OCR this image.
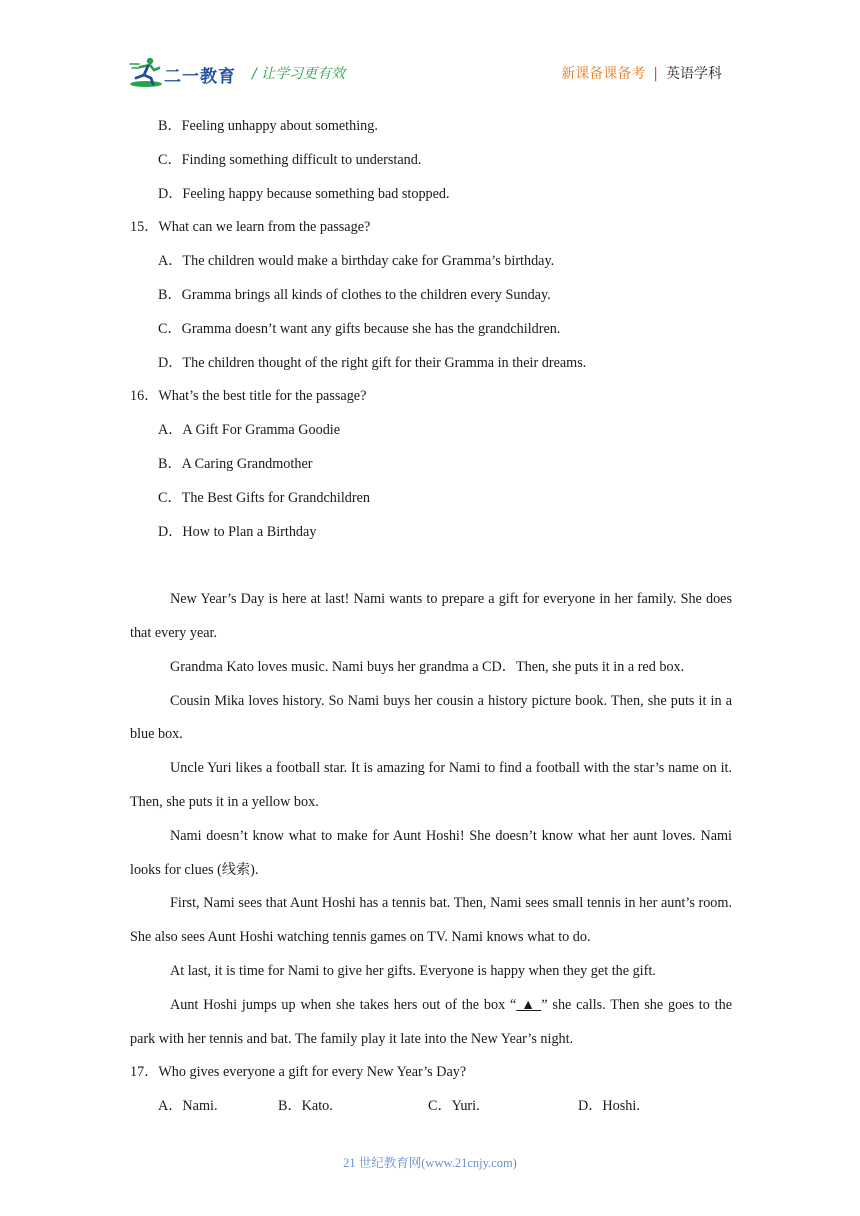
二一教育 / 让学习更有效	新课备课备考 | 英语学科
B．Feeling unhappy about something.
C．Finding something difficult to understand.
D．Feeling happy because something bad stopped.
15．What can we learn from the passage?
A．The children would make a birthday cake for Gramma’s birthday.
B．Gramma brings all kinds of clothes to the children every Sunday.
C．Gramma doesn’t want any gifts because she has the grandchildren.
D．The children thought of the right gift for their Gramma in their dreams.
16．What’s the best title for the passage?
A．A Gift For Gramma Goodie
B．A Caring Grandmother
C．The Best Gifts for Grandchildren
D．How to Plan a Birthday
New Year’s Day is here at last! Nami wants to prepare a gift for everyone in her family. She does that every year.
Grandma Kato loves music. Nami buys her grandma a CD．Then, she puts it in a red box.
Cousin Mika loves history. So Nami buys her cousin a history picture book. Then, she puts it in a blue box.
Uncle Yuri likes a football star. It is amazing for Nami to find a football with the star’s name on it. Then, she puts it in a yellow box.
Nami doesn’t know what to make for Aunt Hoshi! She doesn’t know what her aunt loves. Nami looks for clues (线索).
First, Nami sees that Aunt Hoshi has a tennis bat. Then, Nami sees small tennis in her aunt’s room. She also sees Aunt Hoshi watching tennis games on TV. Nami knows what to do.
At last, it is time for Nami to give her gifts. Everyone is happy when they get the gift.
Aunt Hoshi jumps up when she takes hers out of the box “ ▲ ” she calls. Then she goes to the park with her tennis and bat. The family play it late into the New Year’s night.
17．Who gives everyone a gift for every New Year’s Day?
A．Nami.	B．Kato.	C．Yuri.	D．Hoshi.
21 世纪教育网(www.21cnjy.com)
